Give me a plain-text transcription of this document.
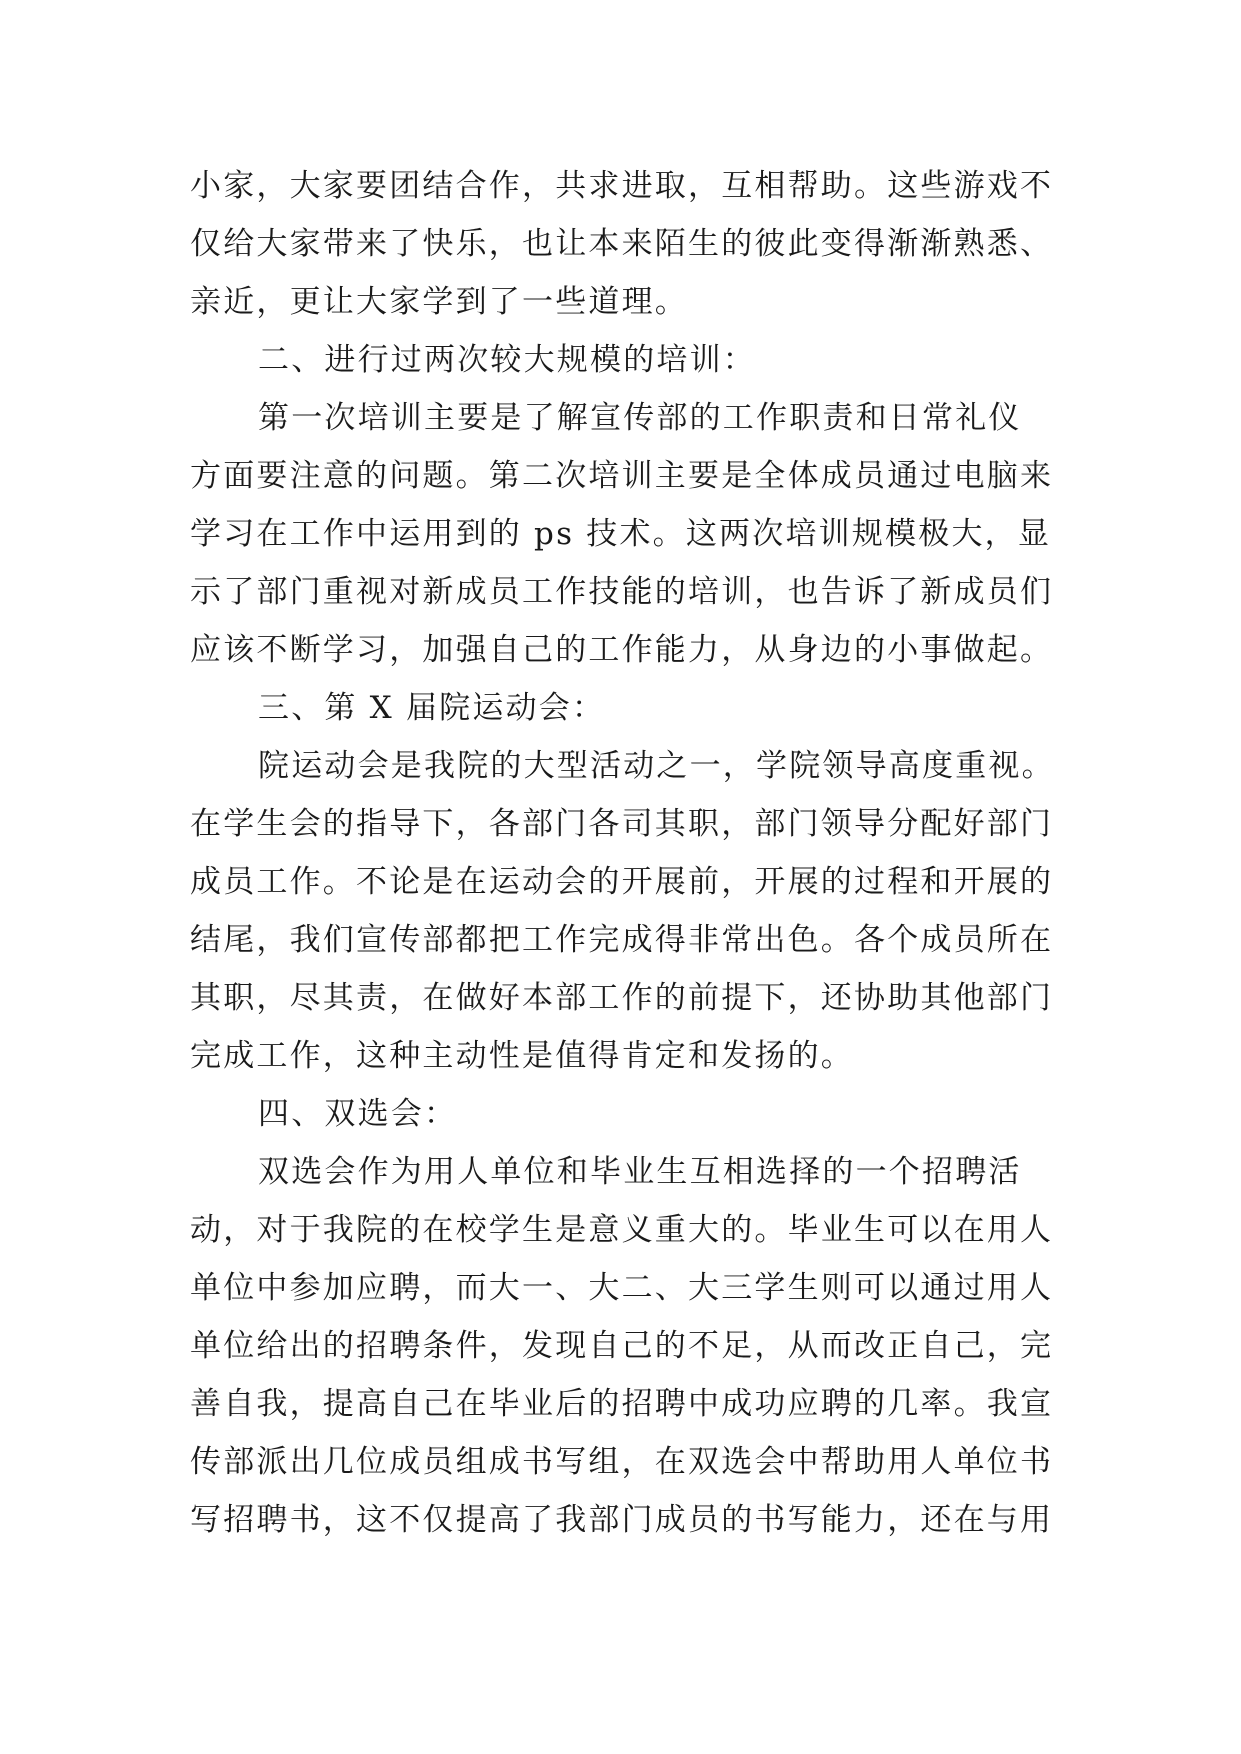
小家，大家要团结合作，共求进取，互相帮助。这些游戏不
仅给大家带来了快乐，也让本来陌生的彼此变得渐渐熟悉、
亲近，更让大家学到了一些道理。
二、进行过两次较大规模的培训：
第一次培训主要是了解宣传部的工作职责和日常礼仪
方面要注意的问题。第二次培训主要是全体成员通过电脑来
学习在工作中运用到的 ps 技术。这两次培训规模极大，显
示了部门重视对新成员工作技能的培训，也告诉了新成员们
应该不断学习，加强自己的工作能力，从身边的小事做起。
三、第 X 届院运动会：
院运动会是我院的大型活动之一，学院领导高度重视。
在学生会的指导下，各部门各司其职，部门领导分配好部门
成员工作。不论是在运动会的开展前，开展的过程和开展的
结尾，我们宣传部都把工作完成得非常出色。各个成员所在
其职，尽其责，在做好本部工作的前提下，还协助其他部门
完成工作，这种主动性是值得肯定和发扬的。
四、双选会：
双选会作为用人单位和毕业生互相选择的一个招聘活
动，对于我院的在校学生是意义重大的。毕业生可以在用人
单位中参加应聘，而大一、大二、大三学生则可以通过用人
单位给出的招聘条件，发现自己的不足，从而改正自己，完
善自我，提高自己在毕业后的招聘中成功应聘的几率。我宣
传部派出几位成员组成书写组，在双选会中帮助用人单位书
写招聘书，这不仅提高了我部门成员的书写能力，还在与用
